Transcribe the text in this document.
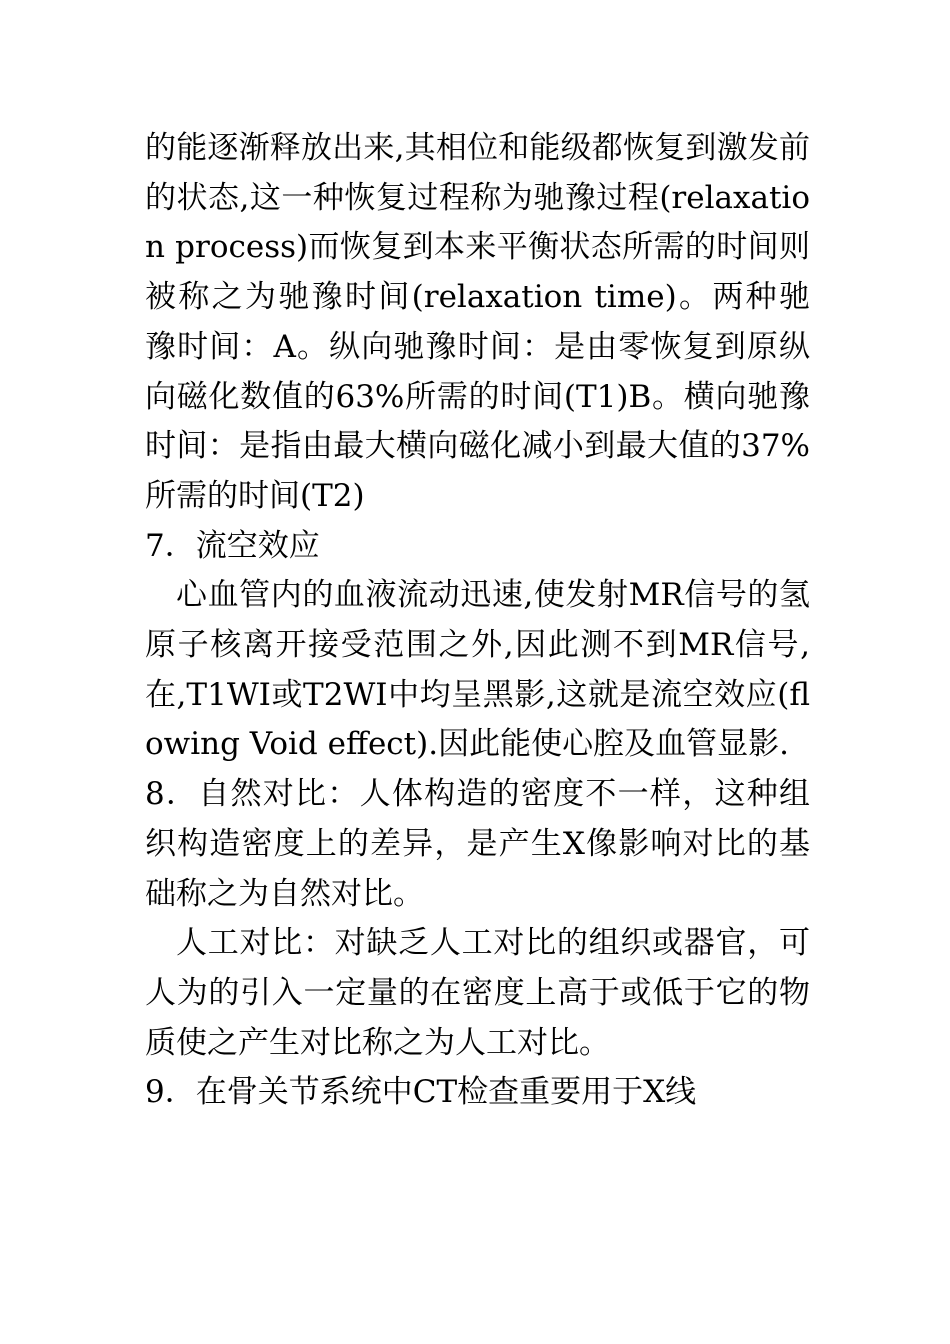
的能逐渐释放出来,其相位和能级都恢复到激发前的状态,这一种恢复过程称为驰豫过程(relaxation process)而恢复到本来平衡状态所需的时间则被称之为驰豫时间(relaxation time)。两种驰豫时间：A。纵向驰豫时间：是由零恢复到原纵向磁化数值的63%所需的时间(T1)B。横向驰豫时间：是指由最大横向磁化减小到最大值的37%所需的时间(T2)

7．流空效应

心血管内的血液流动迅速,使发射MR信号的氢原子核离开接受范围之外,因此测不到MR信号,在,T1WI或T2WI中均呈黑影,这就是流空效应(flowing Void effect).因此能使心腔及血管显影.

8．自然对比：人体构造的密度不一样，这种组织构造密度上的差异，是产生X像影响对比的基础称之为自然对比。

人工对比：对缺乏人工对比的组织或器官，可人为的引入一定量的在密度上高于或低于它的物质使之产生对比称之为人工对比。

9．在骨关节系统中CT检查重要用于X线
